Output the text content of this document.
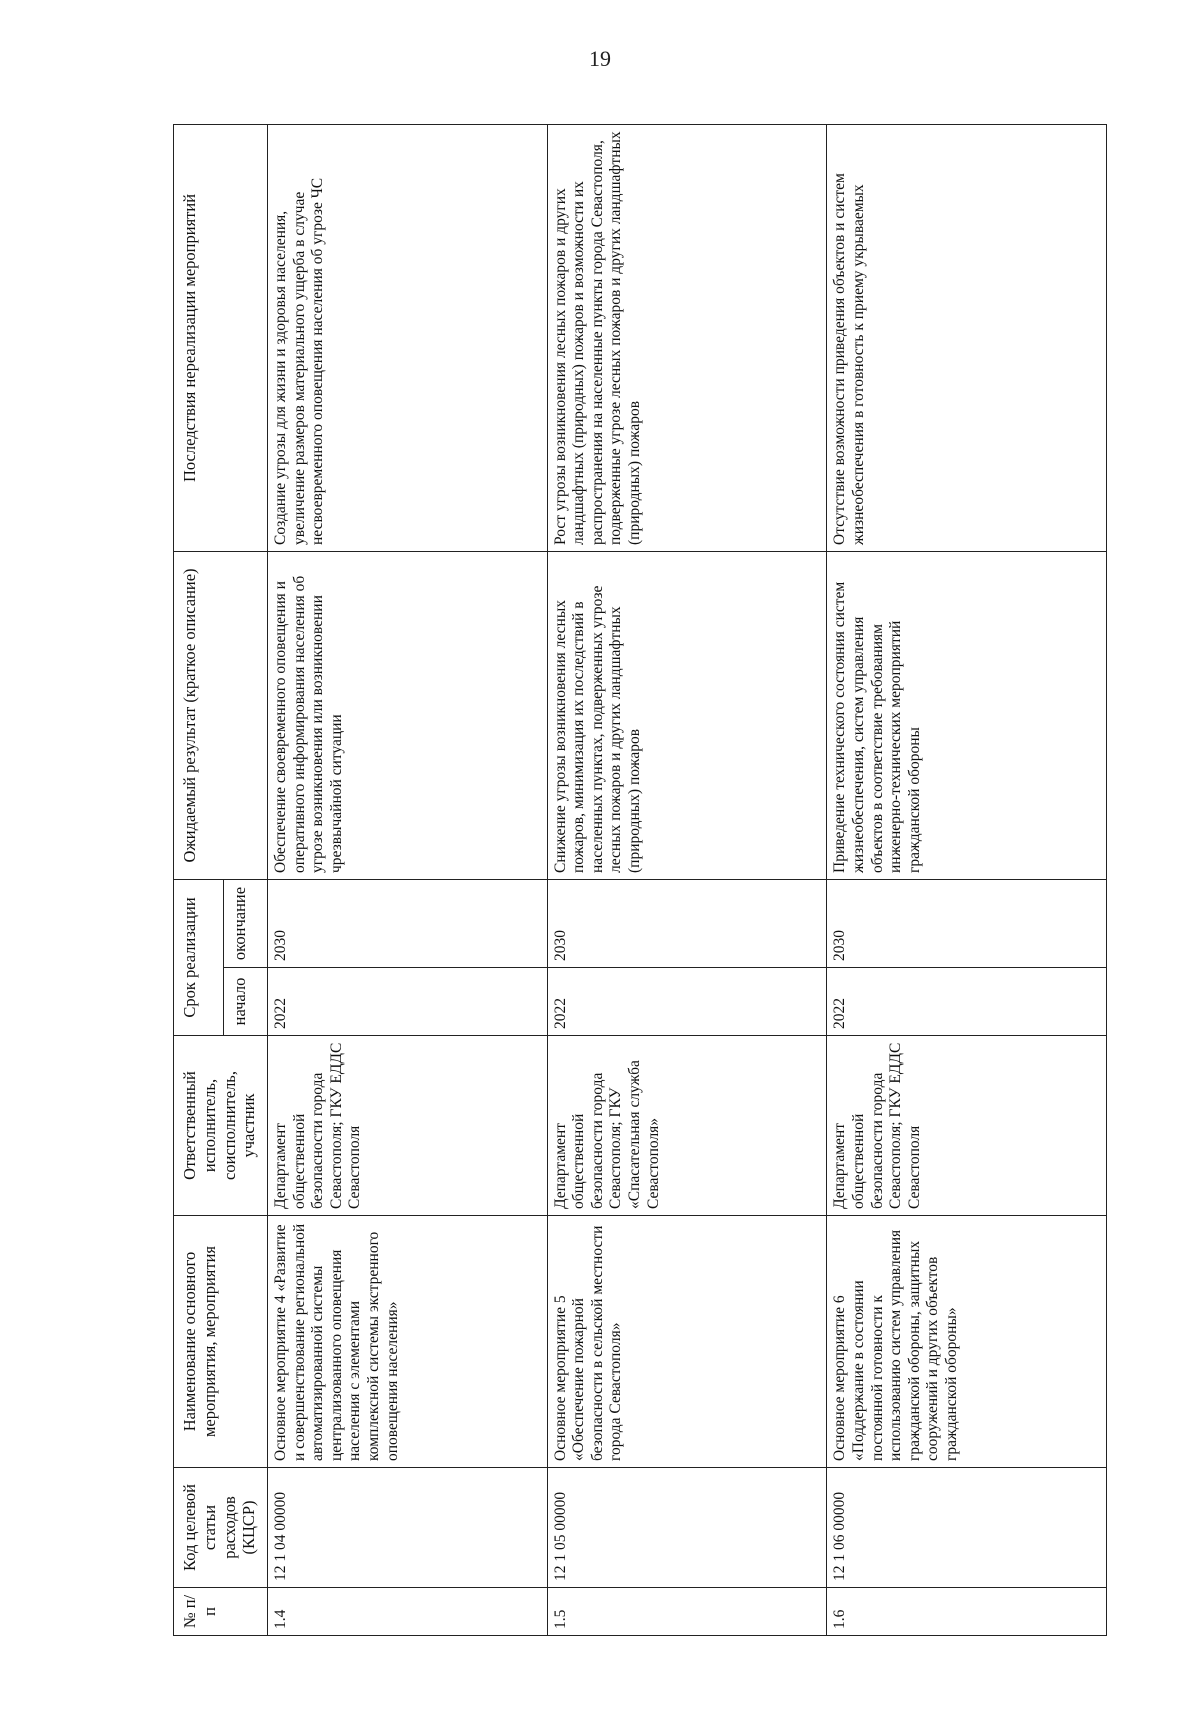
19
№ п/п	Код целевой статьи расходов (КЦСР)	Наименование основного мероприятия, мероприятия	Ответственный исполнитель, соисполнитель, участник	Срок реализации		Ожидаемый результат (краткое описание)	Последствия нереализации мероприятий
				начало	окончание		
1.4	12 1 04 00000	Основное мероприятие 4 «Развитие и совершенствование региональной автоматизированной системы централизованного оповещения населения с элементами комплексной системы экстренного оповещения населения»	Департамент общественной безопасности города Севастополя; ГКУ ЕДДС Севастополя	2022	2030	Обеспечение своевременного оповещения и оперативного информирования населения об угрозе возникновения или возникновении чрезвычайной ситуации	Создание угрозы для жизни и здоровья населения, увеличение размеров материального ущерба в случае несвоевременного оповещения населения об угрозе ЧС
1.5	12 1 05 00000	Основное мероприятие 5 «Обеспечение пожарной безопасности в сельской местности города Севастополя»	Департамент общественной безопасности города Севастополя; ГКУ «Спасательная служба Севастополя»	2022	2030	Снижение угрозы возникновения лесных пожаров, минимизация их последствий в населенных пунктах, подверженных угрозе лесных пожаров и других ландшафтных (природных) пожаров	Рост угрозы возникновения лесных пожаров и других ландшафтных (природных) пожаров и возможности их распространения на населенные пункты города Севастополя, подверженные угрозе лесных пожаров и других ландшафтных (природных) пожаров
1.6	12 1 06 00000	Основное мероприятие 6 «Поддержание в состоянии постоянной готовности к использованию систем управления гражданской обороны, защитных сооружений и других объектов гражданской обороны»	Департамент общественной безопасности города Севастополя; ГКУ ЕДДС Севастополя	2022	2030	Приведение технического состояния систем жизнеобеспечения, систем управления объектов в соответствие требованиям инженерно-технических мероприятий гражданской обороны	Отсутствие возможности приведения объектов и систем жизнеобеспечения в готовность к приему укрываемых
